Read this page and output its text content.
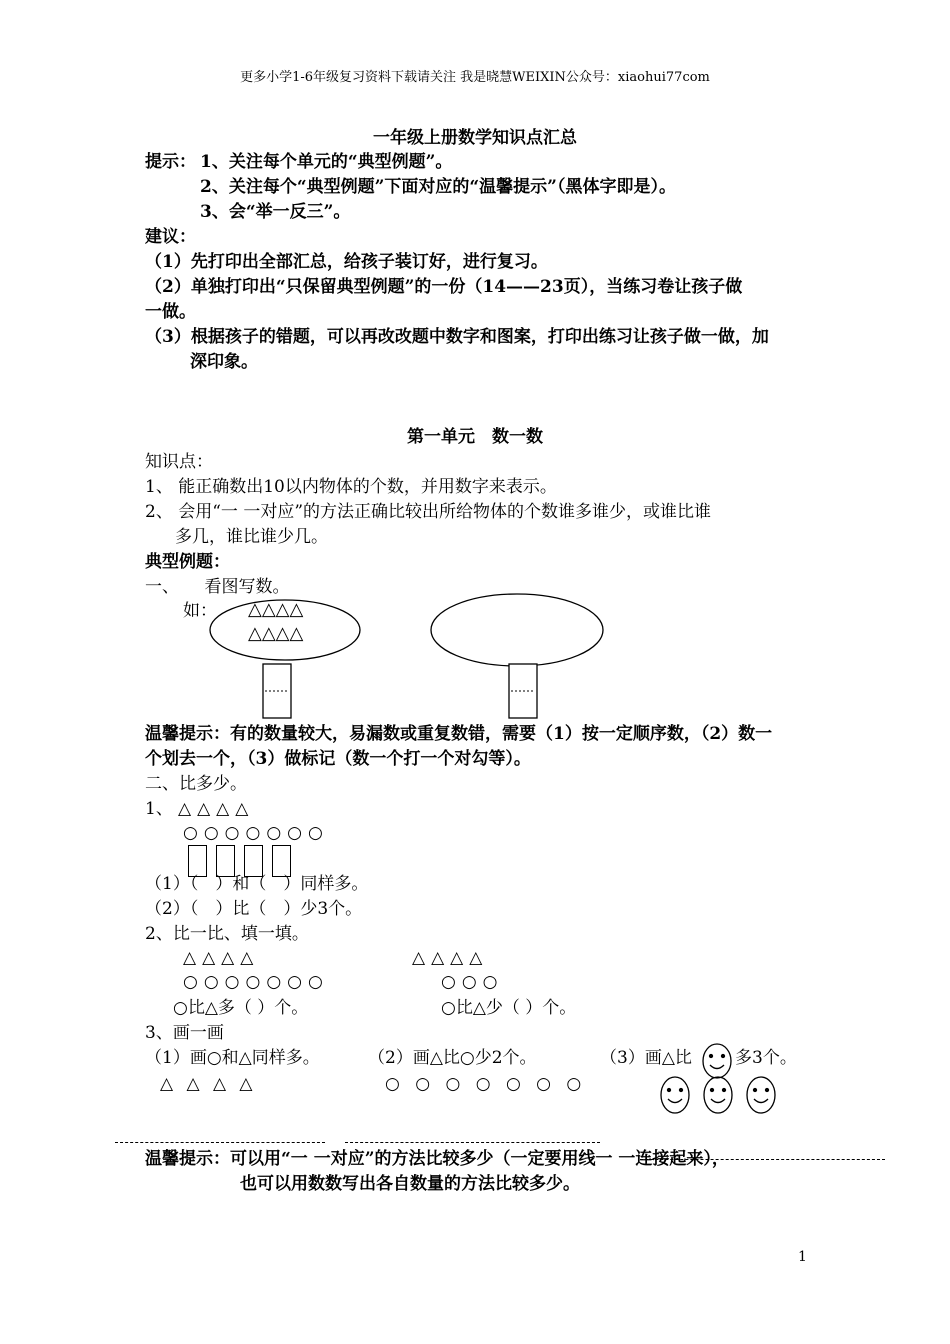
更多小学1-6年级复习资料下载请关注 我是晓慧WEIXIN公众号：xiaohui77com
一年级上册数学知识点汇总
提示： 1、关注每个单元的“典型例题”。
2、关注每个“典型例题”下面对应的“温馨提示”（黑体字即是）。
3、会“举一反三”。
建议：
（1）先打印出全部汇总，给孩子装订好，进行复习。
（2）单独打印出“只保留典型例题”的一份（14——23页），当练习卷让孩子做
一做。
（3）根据孩子的错题，可以再改改题中数字和图案，打印出练习让孩子做一做，加
深印象。
第一单元　数一数
知识点：
1、 能正确数出10以内物体的个数，并用数字来表示。
2、 会用“一 一对应”的方法正确比较出所给物体的个数谁多谁少，或谁比谁
多几，谁比谁少几。
典型例题：
一、　　看图写数。
如： △△△△
△△△△
温馨提示：有的数量较大，易漏数或重复数错，需要（1）按一定顺序数，（2）数一
个划去一个，（3）做标记（数一个打一个对勾等）。
二、比多少。
1、 △△△△
○○○○○○○
（1）（　）和（　）同样多。
（2）（　）比（　）少3个。
2、比一比、填一填。
△△△△
○○○○○○○
○比△多（ ）个。
△△△△
○○○
○比△少（ ）个。
3、画一画
（1）画○和△同样多。	（2）画△比○少2个。	（3）画△比	多3个。
△ △ △ △	○ ○ ○ ○ ○ ○ ○
温馨提示：可以用“一 一对应”的方法比较多少（一定要用线一 一连接起来），
也可以用数数写出各自数量的方法比较多少。
1
